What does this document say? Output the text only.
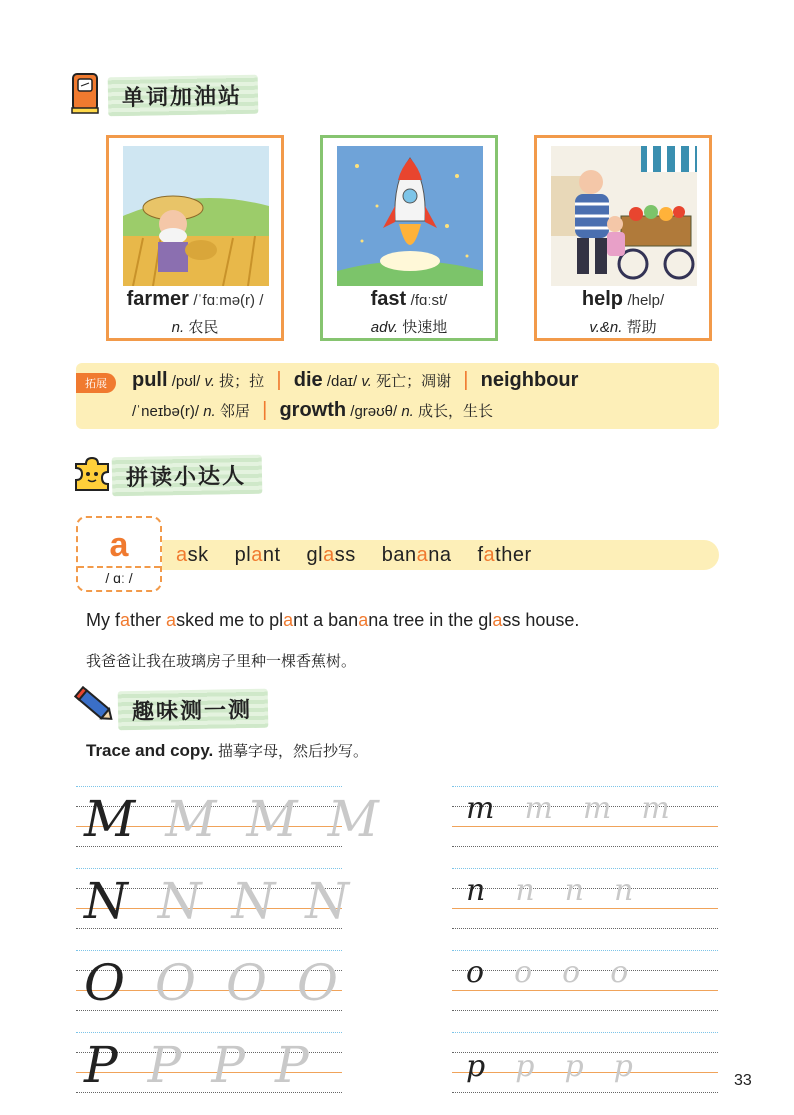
单词加油站
farmer /ˈfɑːmə(r) /
n. 农民
fast /fɑːst/
adv. 快速地
help /help/
v.&n. 帮助
拓展	pull /pʊl/ v. 拔；拉 | die /daɪ/ v. 死亡；凋谢 | neighbour
/ˈneɪbə(r)/ n. 邻居 | growth /ɡrəʊθ/ n. 成长，生长
拼读小达人
ask plant glass banana father
a
/ ɑː /
My father asked me to plant a banana tree in the glass house.
我爸爸让我在玻璃房子里种一棵香蕉树。
趣味测一测
Trace and copy. 描摹字母，然后抄写。
M M M M
N N N N
O O O O
P P P P
m m m m
n n n n
o o o o
p p p p	33
